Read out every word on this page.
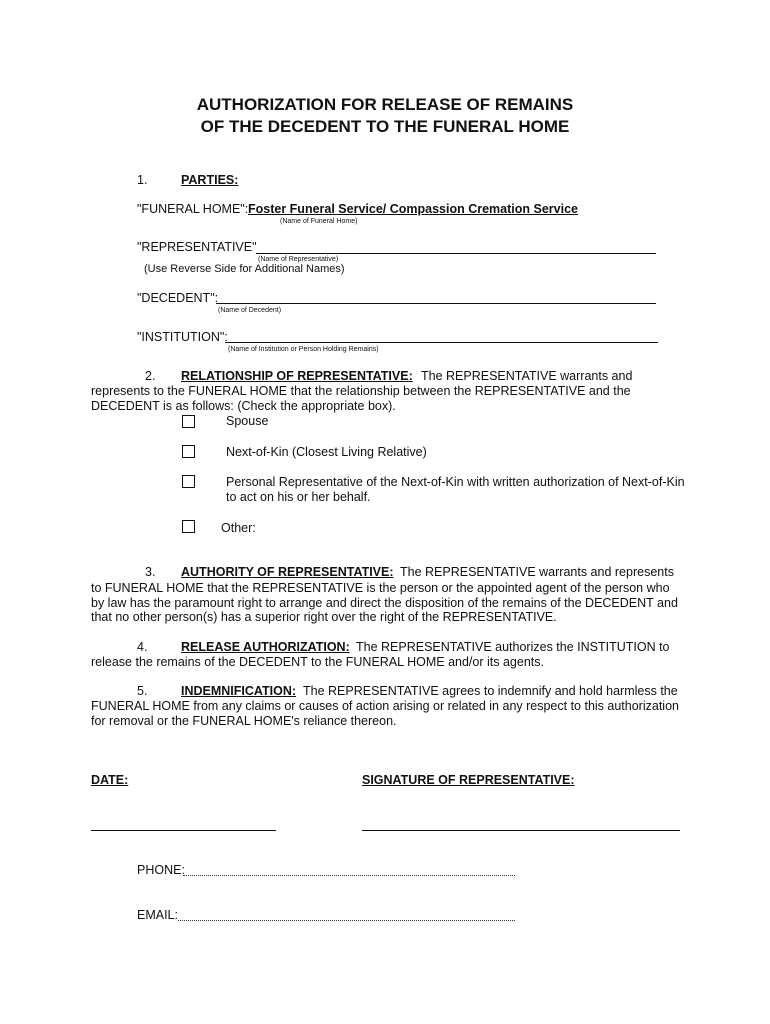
AUTHORIZATION FOR RELEASE OF REMAINS
OF THE DECEDENT TO THE FUNERAL HOME
1.	PARTIES:
"FUNERAL HOME": Foster Funeral Service/ Compassion Cremation Service
(Name of Funeral Home)
"REPRESENTATIVE"
(Name of Representative)
(Use Reverse Side for Additional Names)
"DECEDENT":
(Name of Decedent)
"INSTITUTION":
(Name of Institution or Person Holding Remains)
2. RELATIONSHIP OF REPRESENTATIVE: The REPRESENTATIVE warrants and
represents to the FUNERAL HOME that the relationship between the REPRESENTATIVE and the
DECEDENT is as follows: (Check the appropriate box).
Spouse
Next-of-Kin (Closest Living Relative)
Personal Representative of the Next-of-Kin with written authorization of Next-of-Kin
to act on his or her behalf.
Other:
3. AUTHORITY OF REPRESENTATIVE: The REPRESENTATIVE warrants and represents
to FUNERAL HOME that the REPRESENTATIVE is the person or the appointed agent of the person who
by law has the paramount right to arrange and direct the disposition of the remains of the DECEDENT and
that no other person(s) has a superior right over the right of the REPRESENTATIVE.
4.	RELEASE AUTHORIZATION: The REPRESENTATIVE authorizes the INSTITUTION to
release the remains of the DECEDENT to the FUNERAL HOME and/or its agents.
5.	INDEMNIFICATION: The REPRESENTATIVE agrees to indemnify and hold harmless the
FUNERAL HOME from any claims or causes of action arising or related in any respect to this authorization
for removal or the FUNERAL HOME's reliance thereon.
DATE:	SIGNATURE OF REPRESENTATIVE:
PHONE:
EMAIL:
